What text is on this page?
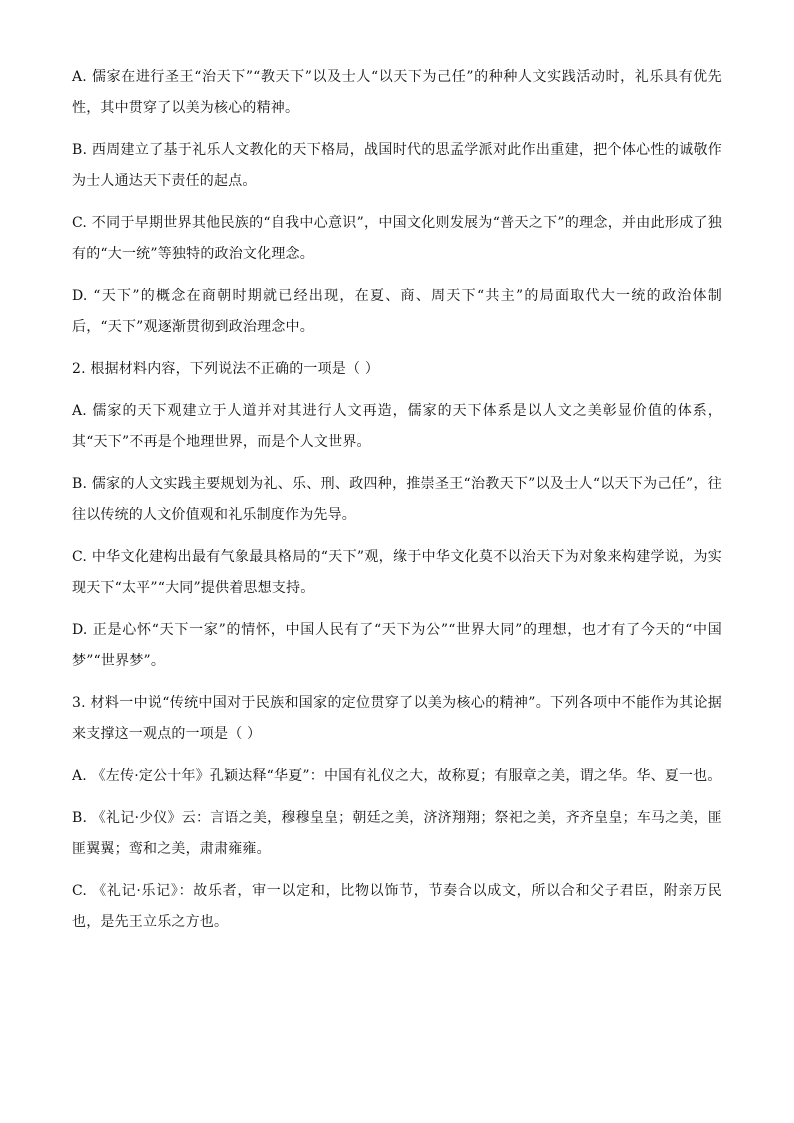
A. 儒家在进行圣王“治天下”“教天下”以及士人“以天下为己任”的种种人文实践活动时，礼乐具有优先性，其中贯穿了以美为核心的精神。

B. 西周建立了基于礼乐人文教化的天下格局，战国时代的思孟学派对此作出重建，把个体心性的诚敬作为士人通达天下责任的起点。

C. 不同于早期世界其他民族的“自我中心意识”，中国文化则发展为“普天之下”的理念，并由此形成了独有的“大一统”等独特的政治文化理念。

D. “天下”的概念在商朝时期就已经出现，在夏、商、周天下“共主”的局面取代大一统的政治体制后，“天下”观逐渐贯彻到政治理念中。

2. 根据材料内容，下列说法不正确的一项是（ ）

A. 儒家的天下观建立于人道并对其进行人文再造，儒家的天下体系是以人文之美彰显价值的体系，其“天下”不再是个地理世界，而是个人文世界。

B. 儒家的人文实践主要规划为礼、乐、刑、政四种，推崇圣王“治教天下”以及士人“以天下为己任”，往往以传统的人文价值观和礼乐制度作为先导。

C. 中华文化建构出最有气象最具格局的“天下”观，缘于中华文化莫不以治天下为对象来构建学说，为实现天下“太平”“大同”提供着思想支持。

D. 正是心怀“天下一家”的情怀，中国人民有了“天下为公”“世界大同”的理想，也才有了今天的“中国梦”“世界梦”。

3. 材料一中说“传统中国对于民族和国家的定位贯穿了以美为核心的精神”。下列各项中不能作为其论据来支撑这一观点的一项是（ ）

A. 《左传·定公十年》孔颖达释“华夏”：中国有礼仪之大，故称夏；有服章之美，谓之华。华、夏一也。

B. 《礼记·少仪》云：言语之美，穆穆皇皇；朝廷之美，济济翔翔；祭祀之美，齐齐皇皇；车马之美，匪匪翼翼；鸾和之美，肃肃雍雍。

C. 《礼记·乐记》：故乐者，审一以定和，比物以饰节，节奏合以成文，所以合和父子君臣，附亲万民也，是先王立乐之方也。
